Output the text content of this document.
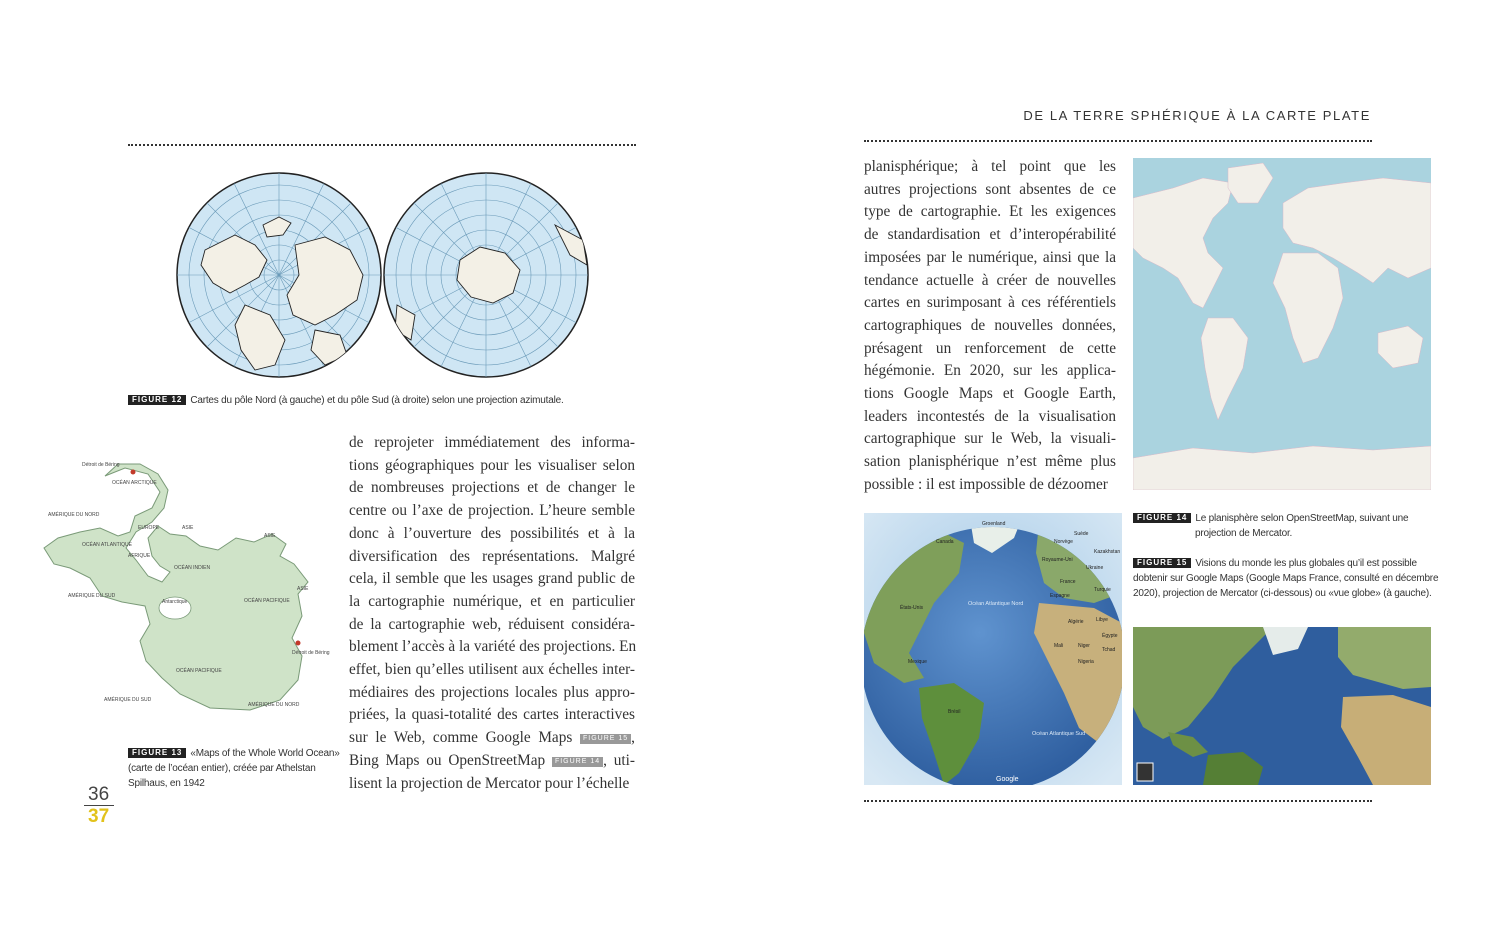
FIGURE 12 Cartes du pôle Nord (à gauche) et du pôle Sud (à droite) selon une projection azimutale.
Détroit de Béring
OCÉAN ARCTIQUE
AMÉRIQUE DU NORD
EUROPE	ASIE
ASIE
OCÉAN ATLANTIQUE
AFRIQUE
OCÉAN INDIEN
AMÉRIQUE DU SUD
Antarctique	OCÉAN PACIFIQUE
ASIE
Détroit de Béring
OCÉAN PACIFIQUE
AMÉRIQUE DU SUD
AMÉRIQUE DU NORD
FIGURE 13 «Maps of the Whole World Ocean»
(carte de l’océan entier), créée par Athelstan
Spilhaus, en 1942
36
37
de reprojeter immédiatement des informa-
tions géographiques pour les visualiser selon
de nombreuses projections et de changer le
centre ou l’axe de projection. L’heure semble
donc à l’ouverture des possibilités et à la
diversification des représentations. Malgré
cela, il semble que les usages grand public de
la cartographie numérique, et en particulier
de la cartographie web, réduisent considéra-
blement l’accès à la variété des projections. En
effet, bien qu’elles utilisent aux échelles inter-
médiaires des projections locales plus appro-
priées, la quasi-totalité des cartes interactives
sur le Web, comme Google Maps FIGURE 15 ,
Bing Maps ou OpenStreetMap FIGURE 14 , uti-
lisent la projection de Mercator pour l’échelle
DE LA TERRE SPHÉRIQUE À LA CARTE PLATE
planisphérique; à tel point que les
autres projections sont absentes de ce
type de cartographie. Et les exigences
de standardisation et d’interopérabilité
imposées par le numérique, ainsi que la
tendance actuelle à créer de nouvelles
cartes en surimposant à ces référentiels
cartographiques de nouvelles données,
présagent un renforcement de cette
hégémonie. En 2020, sur les applica-
tions Google Maps et Google Earth,
leaders incontestés de la visualisation
cartographique sur le Web, la visuali-
sation planisphérique n’est même plus
possible : il est impossible de dézoomer
FIGURE 14 Le planisphère selon OpenStreetMap, suivant une
projection de Mercator.
FIGURE 15 Visions du monde les plus globales qu’il est possible
dobtenir sur Google Maps (Google Maps France, consulté en décembre
2020), projection de Mercator (ci-dessous) ou «vue globe» (à gauche).
Océan Atlantique Nord
Océan Atlantique Sud
Canada
Groenland
États-Unis
Mexique
Brésil
Royaume-Uni
Norvège
Suède
Kazakhstan
Ukraine
France
Espagne
Turquie
Algérie Libye
Égypte
Mali	Niger
Tchad
Nigeria
Google
